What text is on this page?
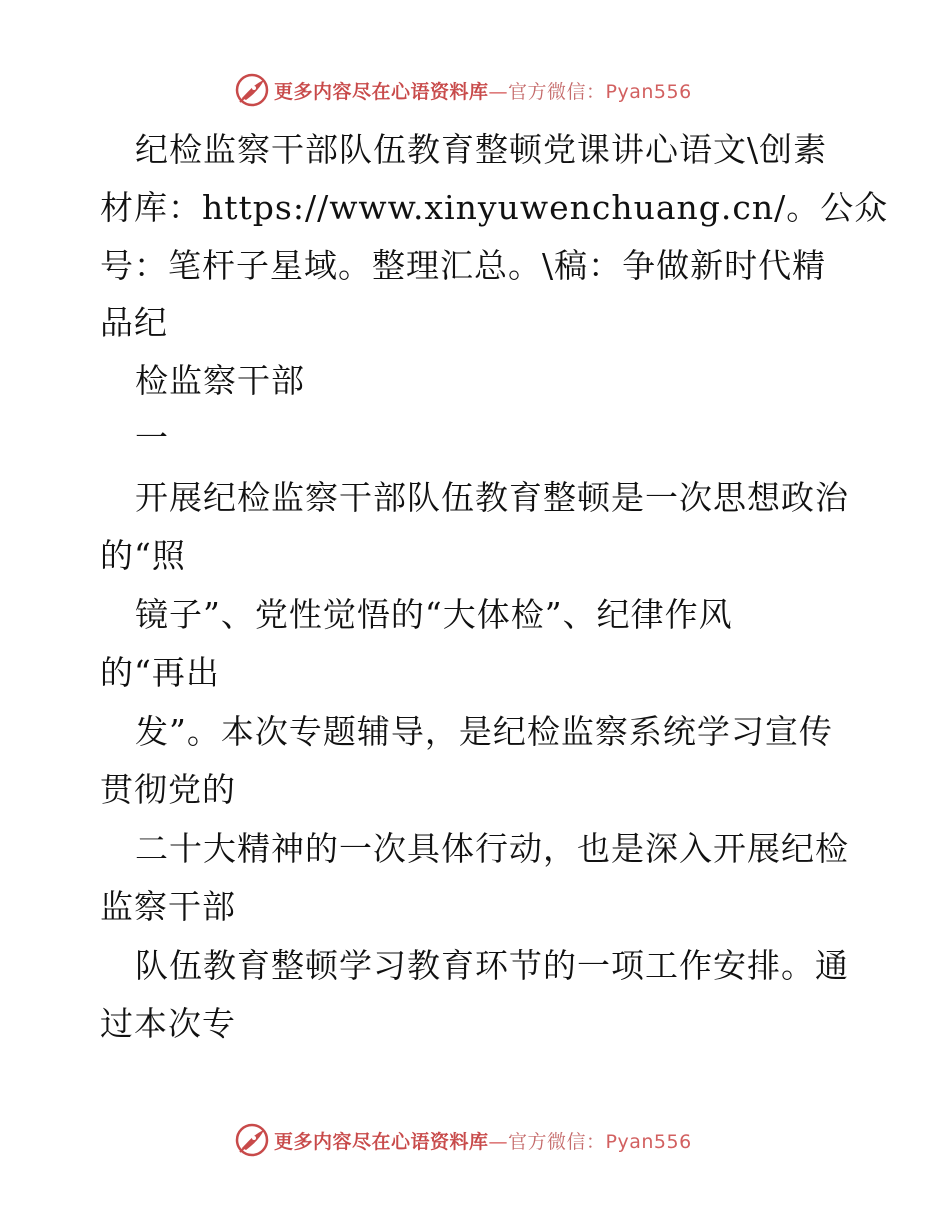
更多内容尽在心语资料库—官方微信：Pyan556
纪检监察干部队伍教育整顿党课讲心语文\创素
材库：https://www.xinyuwenchuang.cn/。公众
号：笔杆子星域。整理汇总。\稿：争做新时代精
品纪
检监察干部
一
开展纪检监察干部队伍教育整顿是一次思想政治
的“照
镜子”、党性觉悟的“大体检”、纪律作风
的“再出
发”。本次专题辅导，是纪检监察系统学习宣传
贯彻党的
二十大精神的一次具体行动，也是深入开展纪检
监察干部
队伍教育整顿学习教育环节的一项工作安排。通
过本次专
更多内容尽在心语资料库—官方微信：Pyan556
